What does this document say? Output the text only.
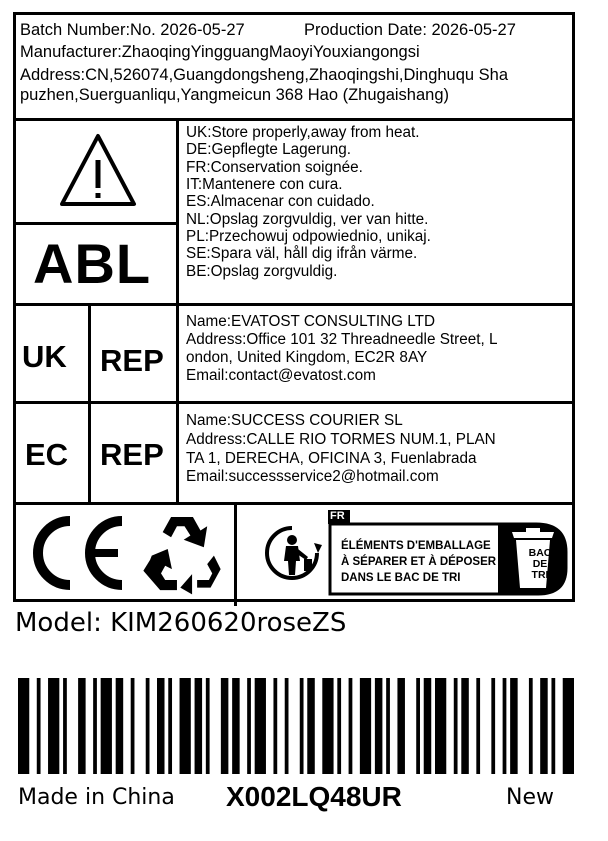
Batch Number:No. 2026-05-27	Production Date: 2026-05-27
Manufacturer:ZhaoqingYingguangMaoyiYouxiangongsi
Address:CN,526074,Guangdongsheng,Zhaoqingshi,Dinghuqu Sha
puzhen,Suerguanliqu,Yangmeicun 368 Hao (Zhugaishang)
ABL
UK:Store properly,away from heat.
DE:Gepflegte Lagerung.
FR:Conservation soignée.
IT:Mantenere con cura.
ES:Almacenar con cuidado.
NL:Opslag zorgvuldig, ver van hitte.
PL:Przechowuj odpowiednio, unikaj.
SE:Spara väl, håll dig ifrån värme.
BE:Opslag zorgvuldig.
UK REP
Name:EVATOST CONSULTING LTD
Address:Office 101 32 Threadneedle Street, L
ondon, United Kingdom, EC2R 8AY
Email:contact@evatost.com
EC REP
Name:SUCCESS COURIER SL
Address:CALLE RIO TORMES NUM.1, PLAN
TA 1, DERECHA, OFICINA 3, Fuenlabrada
Email:successservice2@hotmail.com
FR
ÉLÉMENTS D'EMBALLAGE
À SÉPARER ET À DÉPOSER
DANS LE BAC DE TRI
BAC
DE
TRI
Model: KIM260620roseZS
Made in China X002LQ48UR	New
